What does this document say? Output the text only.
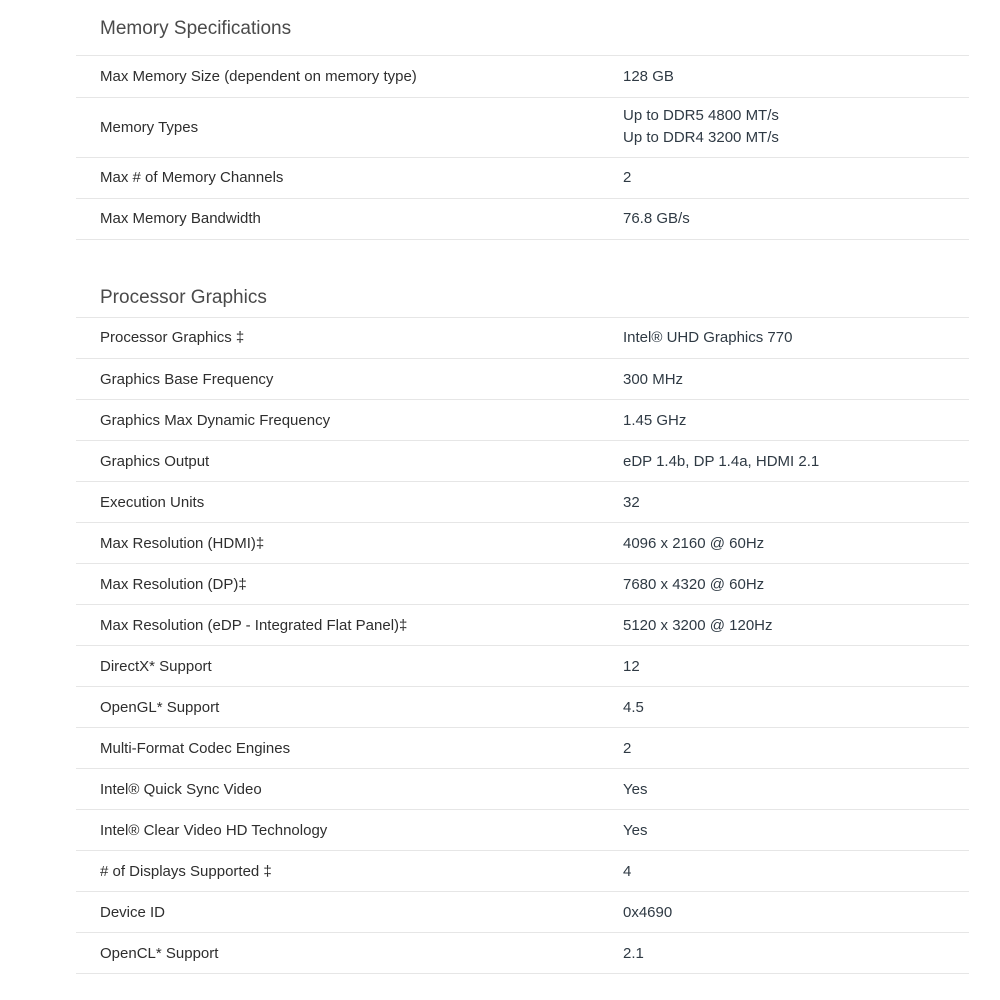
Memory Specifications
Max Memory Size (dependent on memory type)	128 GB
Memory Types	Up to DDR5 4800 MT/s
Up to DDR4 3200 MT/s

Max # of Memory Channels	2
Max Memory Bandwidth	76.8 GB/s
Processor Graphics
Processor Graphics ‡	Intel® UHD Graphics 770
Graphics Base Frequency	300 MHz
Graphics Max Dynamic Frequency	1.45 GHz
Graphics Output	eDP 1.4b, DP 1.4a, HDMI 2.1
Execution Units	32
Max Resolution (HDMI)‡	4096 x 2160 @ 60Hz
Max Resolution (DP)‡	7680 x 4320 @ 60Hz
Max Resolution (eDP - Integrated Flat Panel)‡	5120 x 3200 @ 120Hz
DirectX* Support	12
OpenGL* Support	4.5
Multi-Format Codec Engines	2
Intel® Quick Sync Video	Yes
Intel® Clear Video HD Technology	Yes
# of Displays Supported ‡	4
Device ID	0x4690
OpenCL* Support	2.1
